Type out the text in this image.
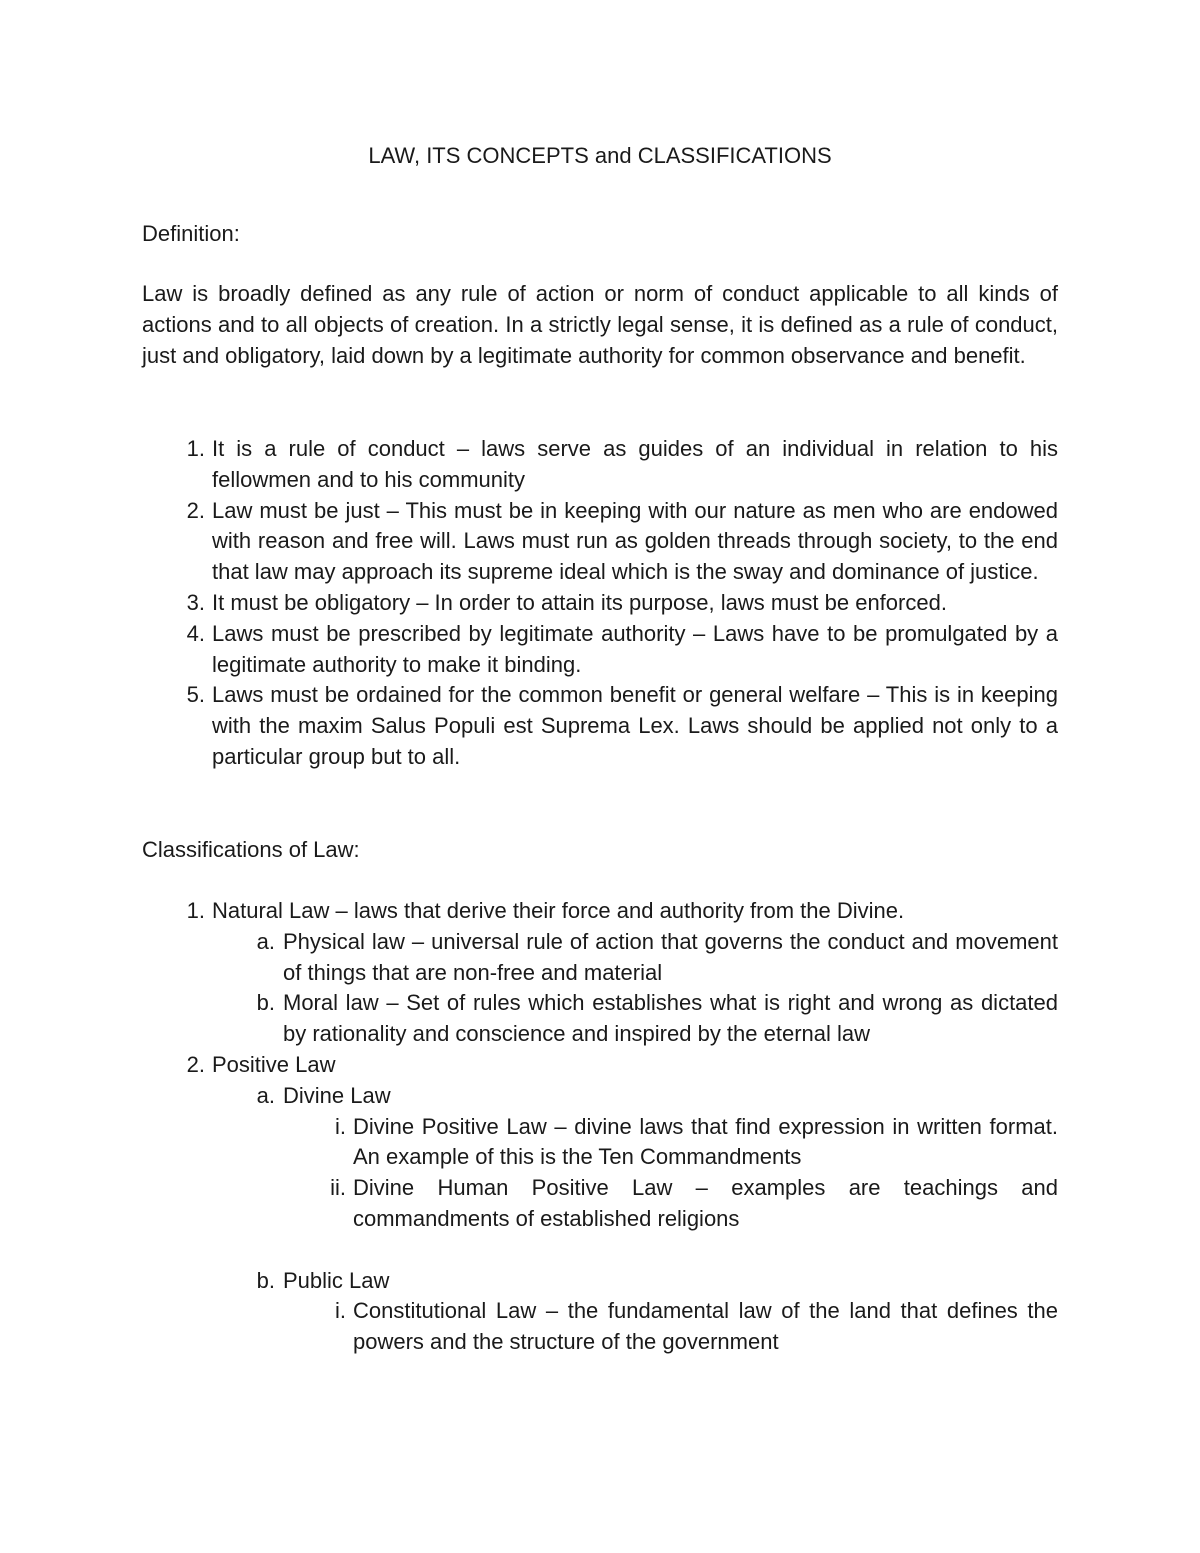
LAW, ITS CONCEPTS and CLASSIFICATIONS

Definition:

Law is broadly defined as any rule of action or norm of conduct applicable to all kinds of actions and to all objects of creation. In a strictly legal sense, it is defined as a rule of conduct, just and obligatory, laid down by a legitimate authority for common observance and benefit.

1. It is a rule of conduct – laws serve as guides of an individual in relation to his fellowmen and to his community
2. Law must be just – This must be in keeping with our nature as men who are endowed with reason and free will. Laws must run as golden threads through society, to the end that law may approach its supreme ideal which is the sway and dominance of justice.
3. It must be obligatory – In order to attain its purpose, laws must be enforced.
4. Laws must be prescribed by legitimate authority – Laws have to be promulgated by a legitimate authority to make it binding.
5. Laws must be ordained for the common benefit or general welfare – This is in keeping with the maxim Salus Populi est Suprema Lex. Laws should be applied not only to a particular group but to all.

Classifications of Law:

1. Natural Law – laws that derive their force and authority from the Divine.
a. Physical law – universal rule of action that governs the conduct and movement of things that are non-free and material
b. Moral law – Set of rules which establishes what is right and wrong as dictated by rationality and conscience and inspired by the eternal law
2. Positive Law
a. Divine Law
i. Divine Positive Law – divine laws that find expression in written format. An example of this is the Ten Commandments
ii. Divine Human Positive Law – examples are teachings and commandments of established religions
b. Public Law
i. Constitutional Law – the fundamental law of the land that defines the powers and the structure of the government
